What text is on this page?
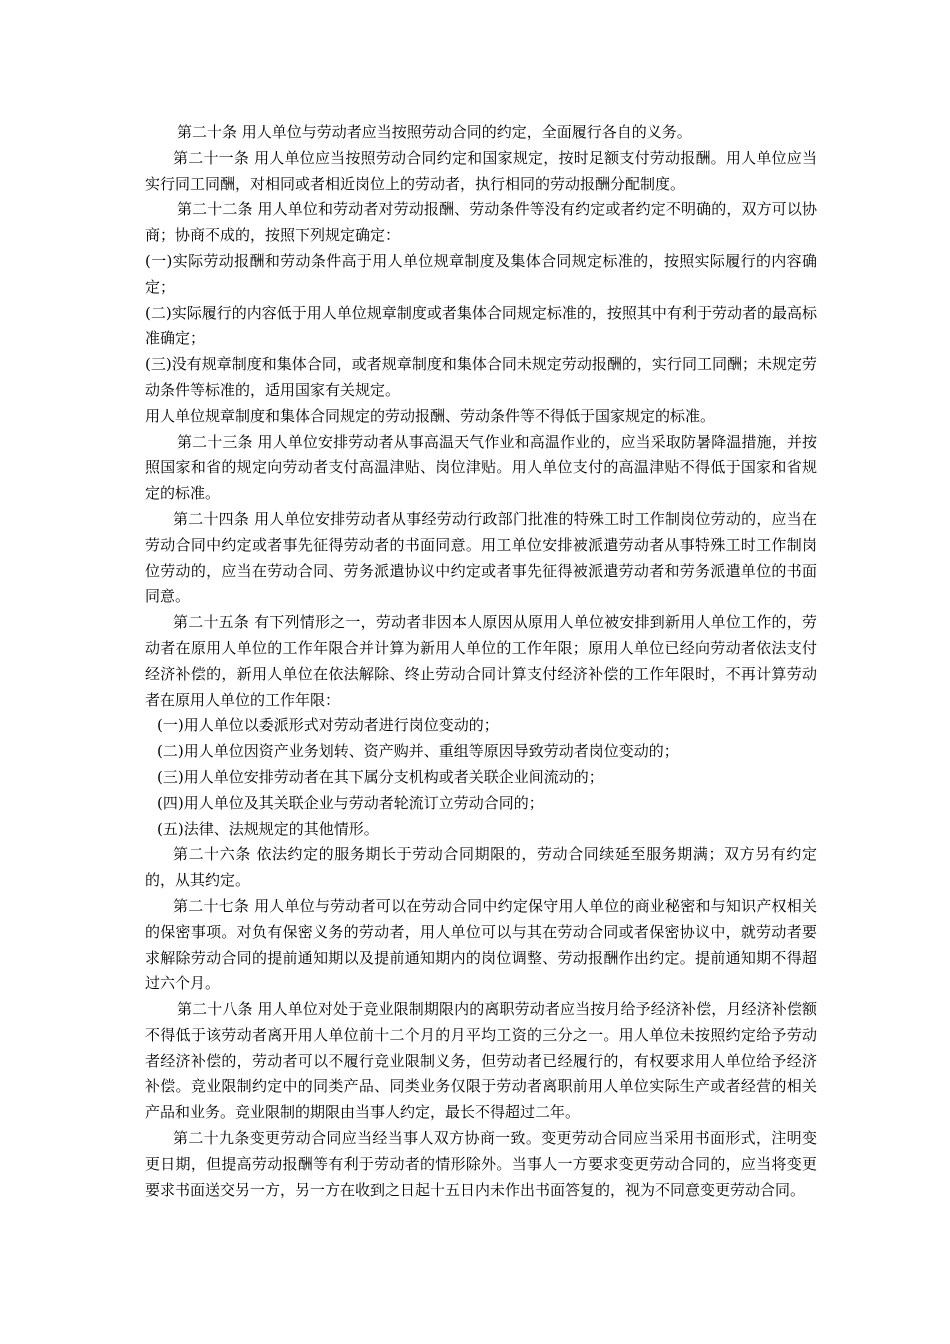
第二十条 用人单位与劳动者应当按照劳动合同的约定，全面履行各自的义务。

第二十一条 用人单位应当按照劳动合同约定和国家规定，按时足额支付劳动报酬。用人单位应当实行同工同酬，对相同或者相近岗位上的劳动者，执行相同的劳动报酬分配制度。

第二十二条 用人单位和劳动者对劳动报酬、劳动条件等没有约定或者约定不明确的，双方可以协商；协商不成的，按照下列规定确定：

(一)实际劳动报酬和劳动条件高于用人单位规章制度及集体合同规定标准的，按照实际履行的内容确定；

(二)实际履行的内容低于用人单位规章制度或者集体合同规定标准的，按照其中有利于劳动者的最高标准确定；

(三)没有规章制度和集体合同，或者规章制度和集体合同未规定劳动报酬的，实行同工同酬；未规定劳动条件等标准的，适用国家有关规定。

用人单位规章制度和集体合同规定的劳动报酬、劳动条件等不得低于国家规定的标准。

第二十三条 用人单位安排劳动者从事高温天气作业和高温作业的，应当采取防暑降温措施，并按照国家和省的规定向劳动者支付高温津贴、岗位津贴。用人单位支付的高温津贴不得低于国家和省规定的标准。

第二十四条 用人单位安排劳动者从事经劳动行政部门批准的特殊工时工作制岗位劳动的，应当在劳动合同中约定或者事先征得劳动者的书面同意。用工单位安排被派遣劳动者从事特殊工时工作制岗位劳动的，应当在劳动合同、劳务派遣协议中约定或者事先征得被派遣劳动者和劳务派遣单位的书面同意。

第二十五条 有下列情形之一，劳动者非因本人原因从原用人单位被安排到新用人单位工作的，劳动者在原用人单位的工作年限合并计算为新用人单位的工作年限；原用人单位已经向劳动者依法支付经济补偿的，新用人单位在依法解除、终止劳动合同计算支付经济补偿的工作年限时，不再计算劳动者在原用人单位的工作年限：

(一)用人单位以委派形式对劳动者进行岗位变动的；

(二)用人单位因资产业务划转、资产购并、重组等原因导致劳动者岗位变动的；

(三)用人单位安排劳动者在其下属分支机构或者关联企业间流动的；

(四)用人单位及其关联企业与劳动者轮流订立劳动合同的；

(五)法律、法规规定的其他情形。

第二十六条 依法约定的服务期长于劳动合同期限的，劳动合同续延至服务期满；双方另有约定的，从其约定。

第二十七条 用人单位与劳动者可以在劳动合同中约定保守用人单位的商业秘密和与知识产权相关的保密事项。对负有保密义务的劳动者，用人单位可以与其在劳动合同或者保密协议中，就劳动者要求解除劳动合同的提前通知期以及提前通知期内的岗位调整、劳动报酬作出约定。提前通知期不得超过六个月。

第二十八条 用人单位对处于竞业限制期限内的离职劳动者应当按月给予经济补偿，月经济补偿额不得低于该劳动者离开用人单位前十二个月的月平均工资的三分之一。用人单位未按照约定给予劳动者经济补偿的，劳动者可以不履行竞业限制义务，但劳动者已经履行的，有权要求用人单位给予经济补偿。竞业限制约定中的同类产品、同类业务仅限于劳动者离职前用人单位实际生产或者经营的相关产品和业务。竞业限制的期限由当事人约定，最长不得超过二年。

第二十九条变更劳动合同应当经当事人双方协商一致。变更劳动合同应当采用书面形式，注明变更日期，但提高劳动报酬等有利于劳动者的情形除外。当事人一方要求变更劳动合同的，应当将变更要求书面送交另一方，另一方在收到之日起十五日内未作出书面答复的，视为不同意变更劳动合同。
